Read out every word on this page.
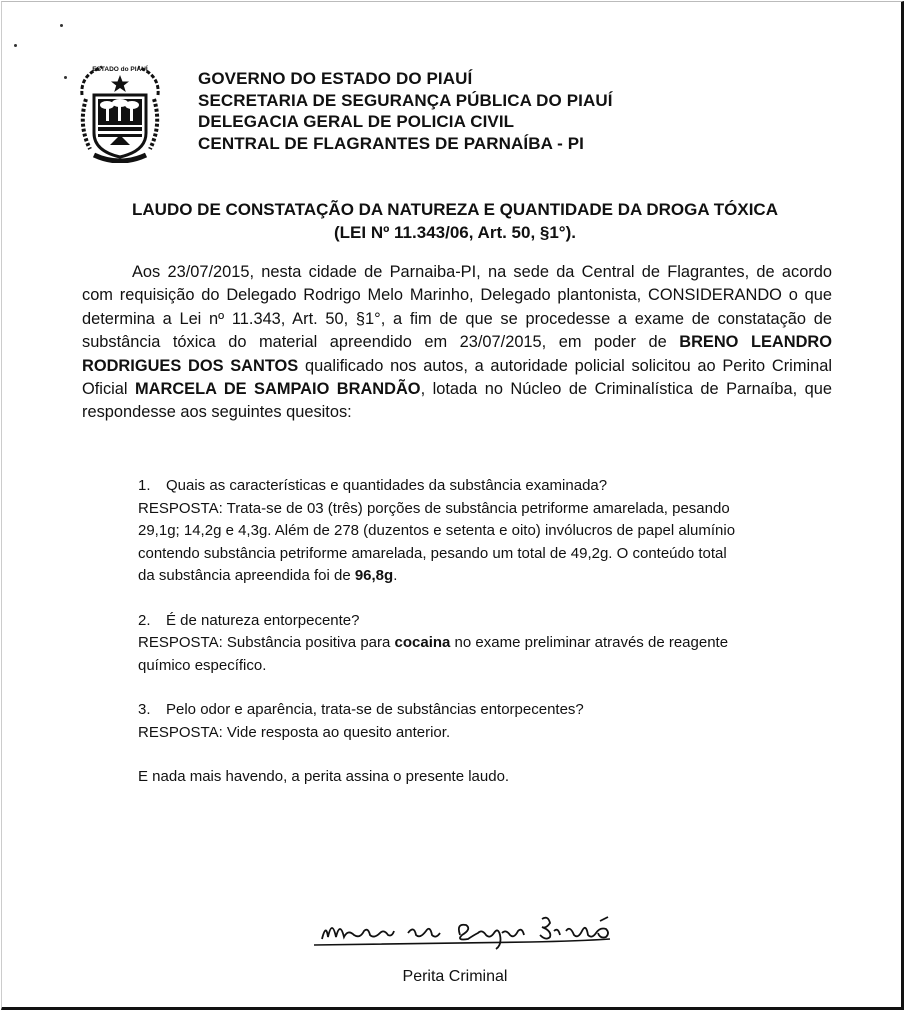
ESTADO do PIAUÍ	GOVERNO DO ESTADO DO PIAUÍ
SECRETARIA DE SEGURANÇA PÚBLICA DO PIAUÍ
DELEGACIA GERAL DE POLICIA CIVIL
CENTRAL DE FLAGRANTES DE PARNAÍBA - PI
LAUDO DE CONSTATAÇÃO DA NATUREZA E QUANTIDADE DA DROGA TÓXICA
(LEI Nº 11.343/06, Art. 50, §1°).
Aos 23/07/2015, nesta cidade de Parnaiba-PI, na sede da Central de Flagrantes, de acordo com requisição do Delegado Rodrigo Melo Marinho, Delegado plantonista, CONSIDERANDO o que determina a Lei nº 11.343, Art. 50, §1°, a fim de que se procedesse a exame de constatação de substância tóxica do material apreendido em 23/07/2015, em poder de BRENO LEANDRO RODRIGUES DOS SANTOS qualificado nos autos, a autoridade policial solicitou ao Perito Criminal Oficial MARCELA DE SAMPAIO BRANDÃO, lotada no Núcleo de Criminalística de Parnaíba, que respondesse aos seguintes quesitos:
1. Quais as características e quantidades da substância examinada?
RESPOSTA: Trata-se de 03 (três) porções de substância petriforme amarelada, pesando
29,1g; 14,2g e 4,3g. Além de 278 (duzentos e setenta e oito) invólucros de papel alumínio
contendo substância petriforme amarelada, pesando um total de 49,2g. O conteúdo total
da substância apreendida foi de 96,8g.
2. É de natureza entorpecente?
RESPOSTA: Substância positiva para cocaina no exame preliminar através de reagente
químico específico.
3. Pelo odor e aparência, trata-se de substâncias entorpecentes?
RESPOSTA: Vide resposta ao quesito anterior.
E nada mais havendo, a perita assina o presente laudo.
Perita Criminal
